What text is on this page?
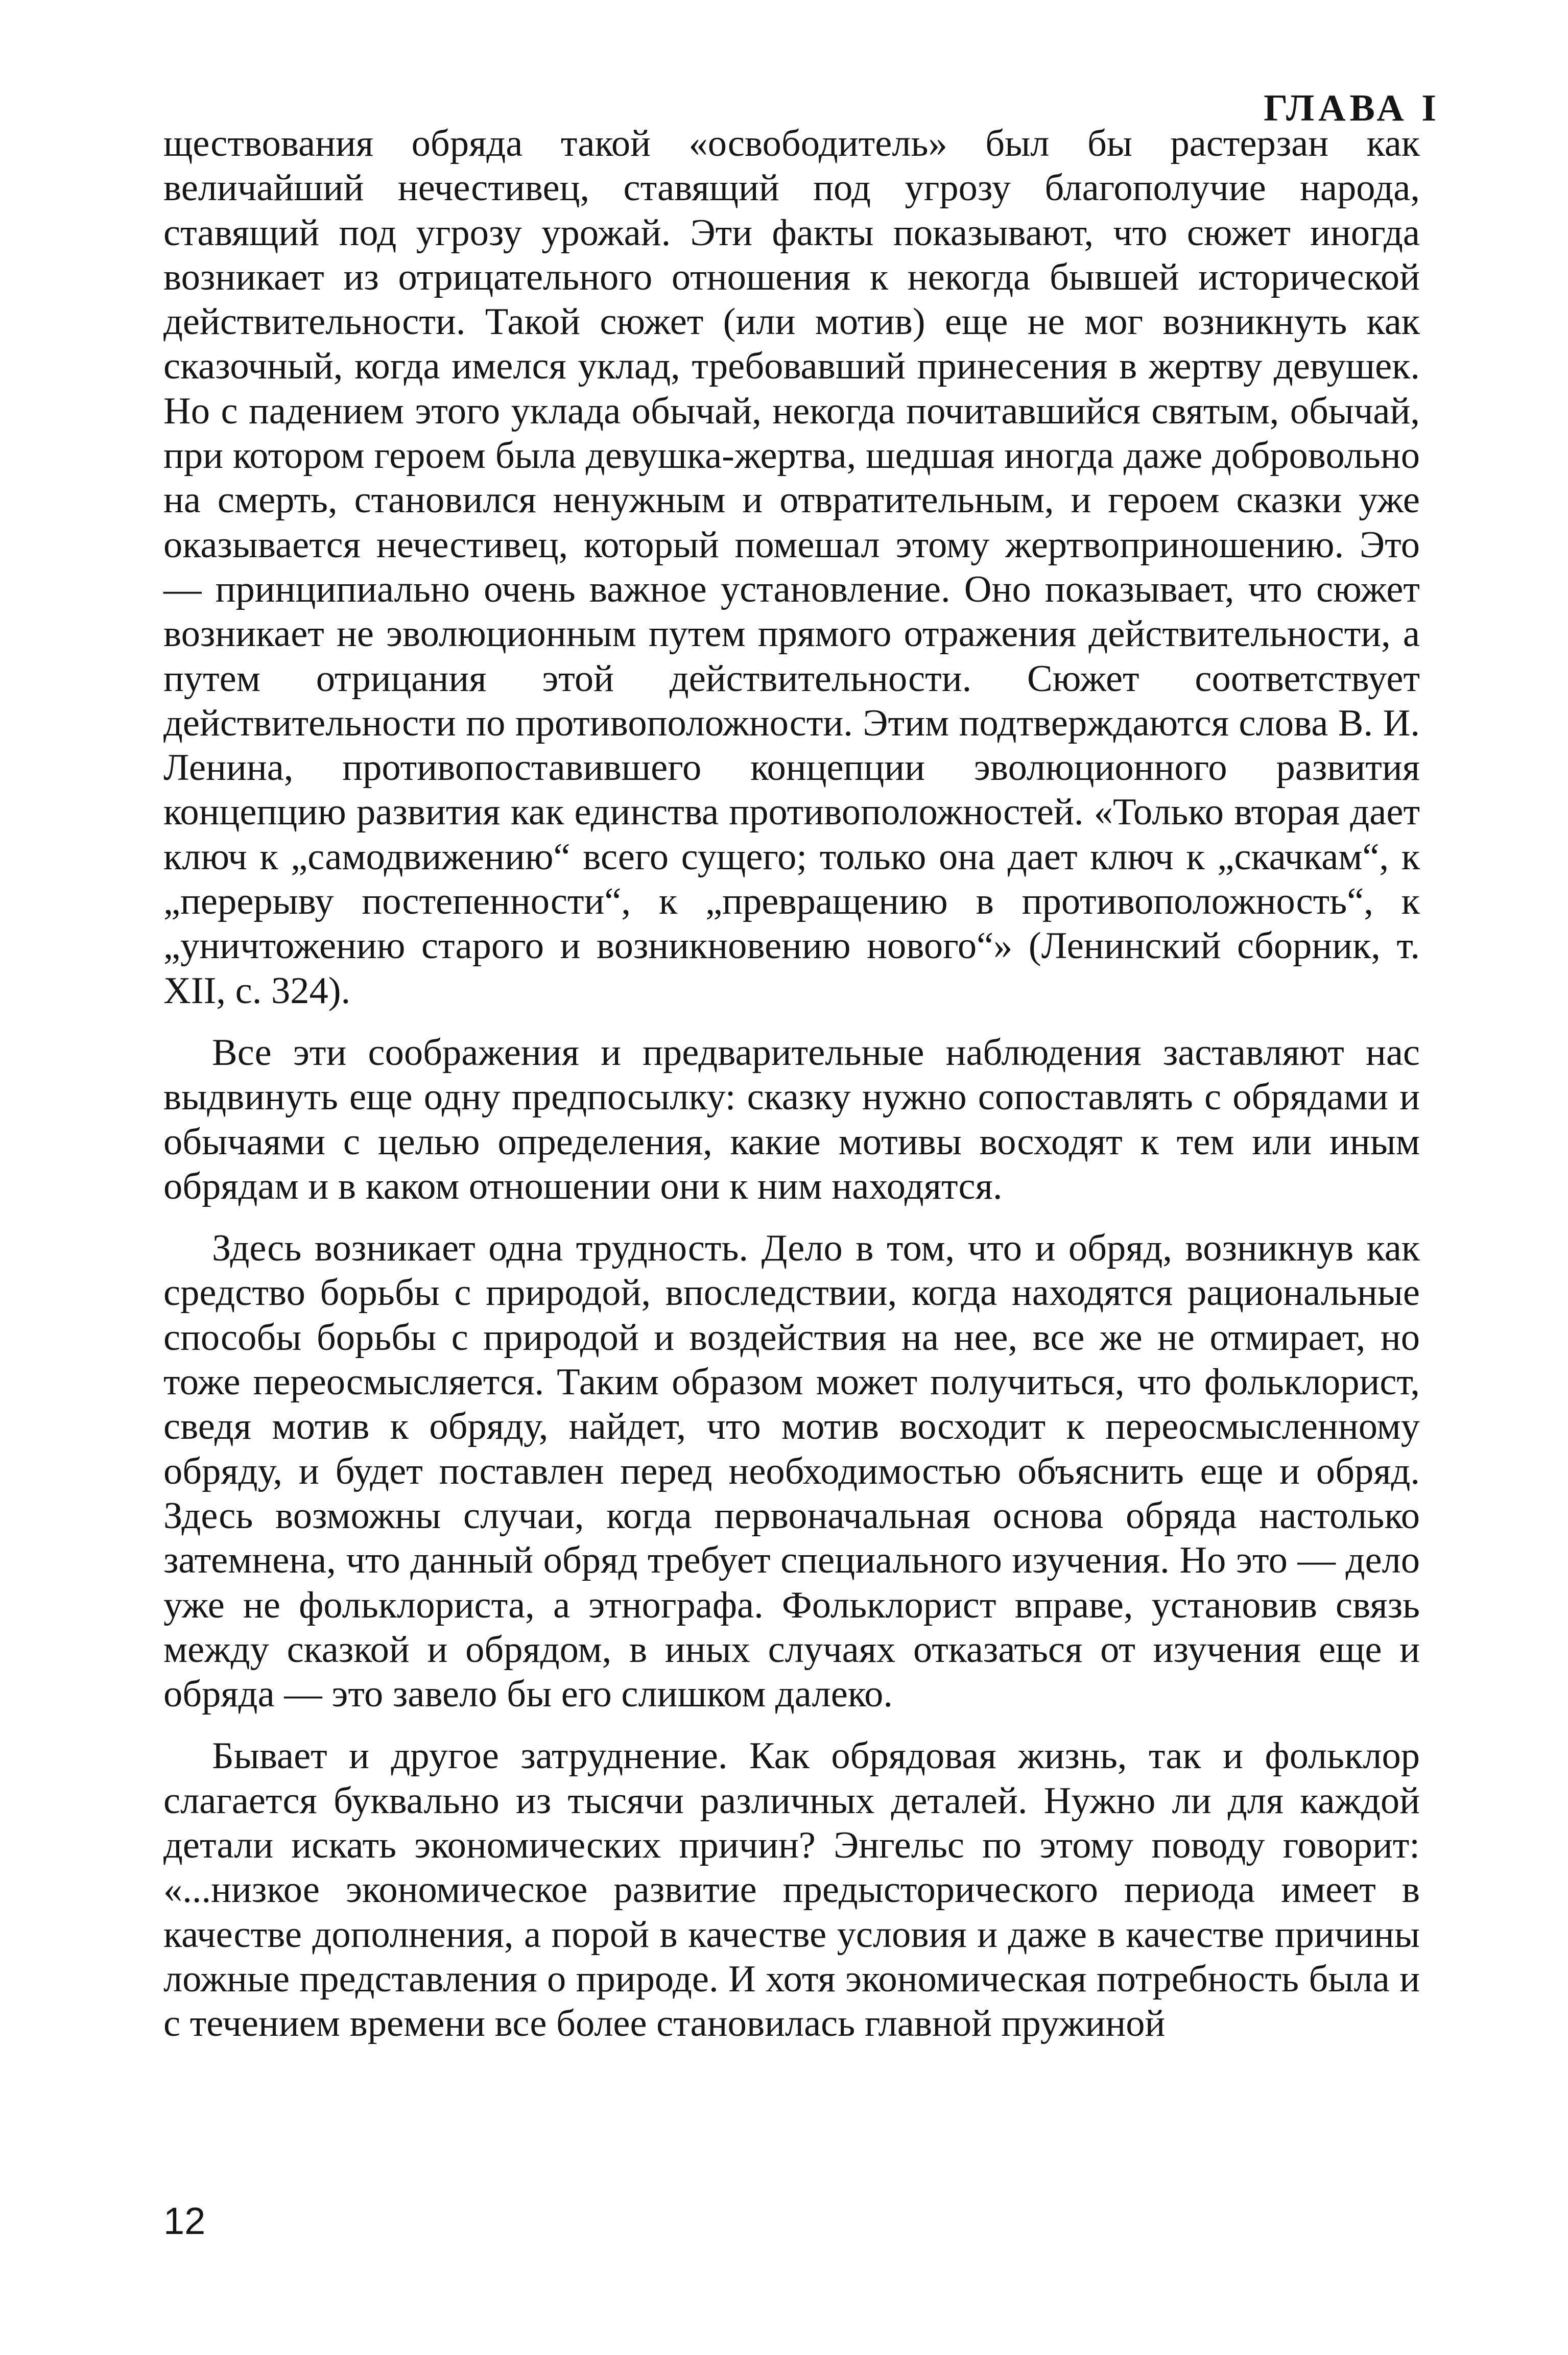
ГЛАВА I

ществования обряда такой «освободитель» был бы растерзан как величайший нечестивец, ставящий под угрозу благополучие народа, ставящий под угрозу урожай. Эти факты показывают, что сюжет иногда возникает из отрицательного отношения к некогда бывшей исторической действительности. Такой сюжет (или мотив) еще не мог возникнуть как сказочный, когда имелся уклад, требовавший принесения в жертву девушек. Но с падением этого уклада обычай, некогда почитавшийся святым, обычай, при котором героем была девушка-жертва, шедшая иногда даже добровольно на смерть, становился ненужным и отвратительным, и героем сказки уже оказывается нечестивец, который помешал этому жертвоприношению. Это — принципиально очень важное установление. Оно показывает, что сюжет возникает не эволюционным путем прямого отражения действительности, а путем отрицания этой действительности. Сюжет соответствует действительности по противоположности. Этим подтверждаются слова В. И. Ленина, противопоставившего концепции эволюционного развития концепцию развития как единства противоположностей. «Только вторая дает ключ к „самодвижению“ всего сущего; только она дает ключ к „скачкам“, к „перерыву постепенности“, к „превращению в противоположность“, к „уничтожению старого и возникновению нового“» (Ленинский сборник, т. XII, с. 324).

Все эти соображения и предварительные наблюдения заставляют нас выдвинуть еще одну предпосылку: сказку нужно сопоставлять с обрядами и обычаями с целью определения, какие мотивы восходят к тем или иным обрядам и в каком отношении они к ним находятся.

Здесь возникает одна трудность. Дело в том, что и обряд, возникнув как средство борьбы с природой, впоследствии, когда находятся рациональные способы борьбы с природой и воздействия на нее, все же не отмирает, но тоже переосмысляется. Таким образом может получиться, что фольклорист, сведя мотив к обряду, найдет, что мотив восходит к переосмысленному обряду, и будет поставлен перед необходимостью объяснить еще и обряд. Здесь возможны случаи, когда первоначальная основа обряда настолько затемнена, что данный обряд требует специального изучения. Но это — дело уже не фольклориста, а этнографа. Фольклорист вправе, установив связь между сказкой и обрядом, в иных случаях отказаться от изучения еще и обряда — это завело бы его слишком далеко.

Бывает и другое затруднение. Как обрядовая жизнь, так и фольклор слагается буквально из тысячи различных деталей. Нужно ли для каждой детали искать экономических причин? Энгельс по этому поводу говорит: «...низкое экономическое развитие предысторического периода имеет в качестве дополнения, а порой в качестве условия и даже в качестве причины ложные представления о природе. И хотя экономическая потребность была и с течением времени все более становилась главной пружиной

12
